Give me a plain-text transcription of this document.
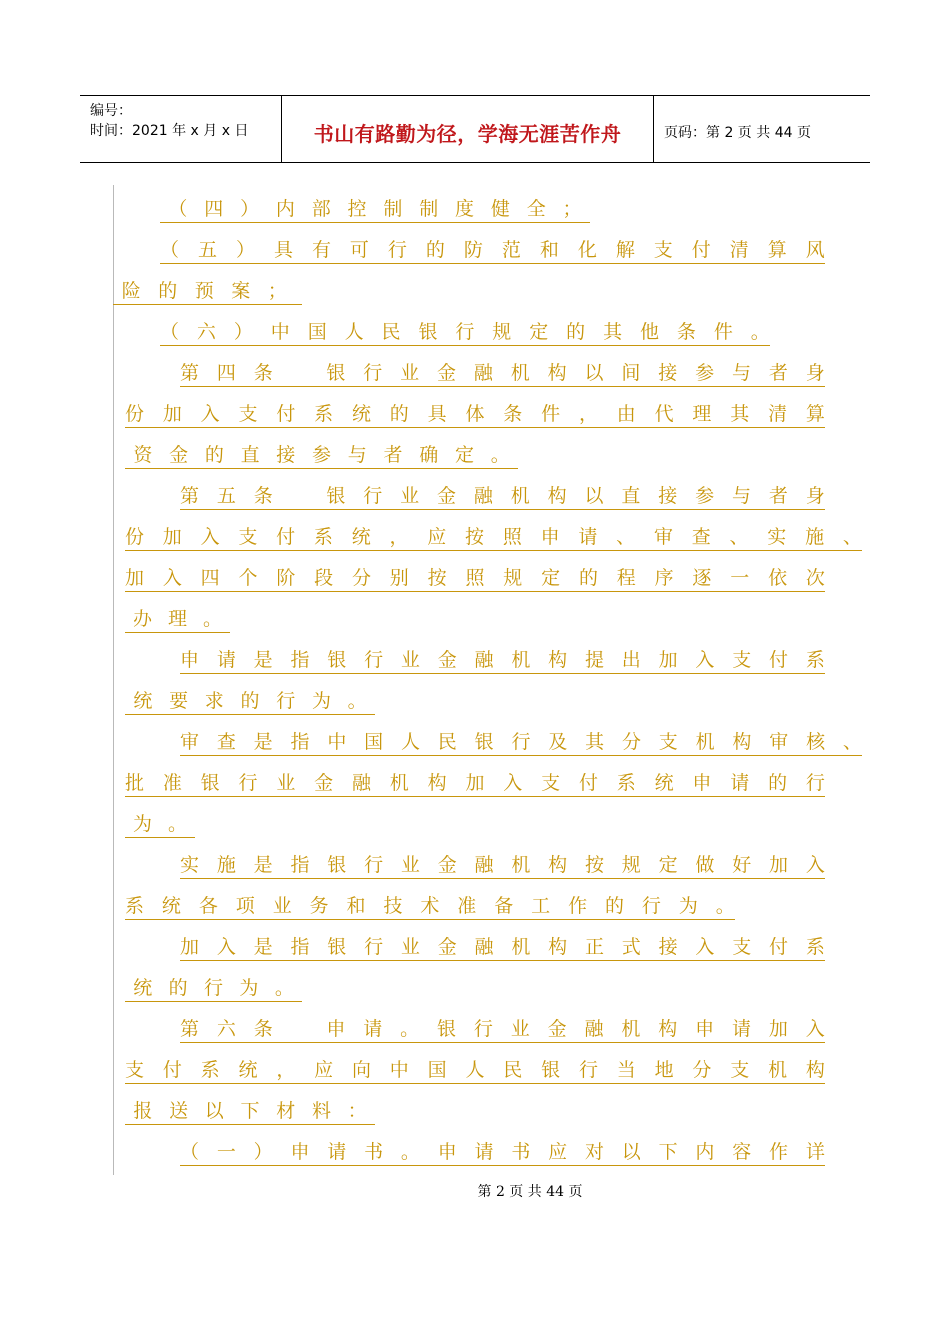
编号：
时间：2021 年 x 月 x 日	书山有路勤为径，学海无涯苦作舟	页码：第 2 页 共 44 页
（ 四 ） 内 部 控 制 制 度 健 全 ；
（ 五 ） 具 有 可 行 的 防 范 和 化 解 支 付 清 算 风
险 的 预 案 ；
（ 六 ） 中 国 人 民 银 行 规 定 的 其 他 条 件 。
第 四 条	银 行 业 金 融 机 构 以 间 接 参 与 者 身
份 加 入 支 付 系 统 的 具 体 条 件 ， 由 代 理 其 清 算
资 金 的 直 接 参 与 者 确 定 。
第 五 条	银 行 业 金 融 机 构 以 直 接 参 与 者 身
份 加 入 支 付 系 统 ， 应 按 照 申 请 、 审 查 、 实 施 、
加 入 四 个 阶 段 分 别 按 照 规 定 的 程 序 逐 一 依 次
办 理 。
申 请 是 指 银 行 业 金 融 机 构 提 出 加 入 支 付 系
统 要 求 的 行 为 。
审 查 是 指 中 国 人 民 银 行 及 其 分 支 机 构 审 核 、
批 准 银 行 业 金 融 机 构 加 入 支 付 系 统 申 请 的 行
为 。
实 施 是 指 银 行 业 金 融 机 构 按 规 定 做 好 加 入
系 统 各 项 业 务 和 技 术 准 备 工 作 的 行 为 。
加 入 是 指 银 行 业 金 融 机 构 正 式 接 入 支 付 系
统 的 行 为 。
第 六 条	申 请 。 银 行 业 金 融 机 构 申 请 加 入
支 付 系 统 ， 应 向 中 国 人 民 银 行 当 地 分 支 机 构
报 送 以 下 材 料 ：
（ 一 ） 申 请 书 。 申 请 书 应 对 以 下 内 容 作 详
第 2 页 共 44 页
